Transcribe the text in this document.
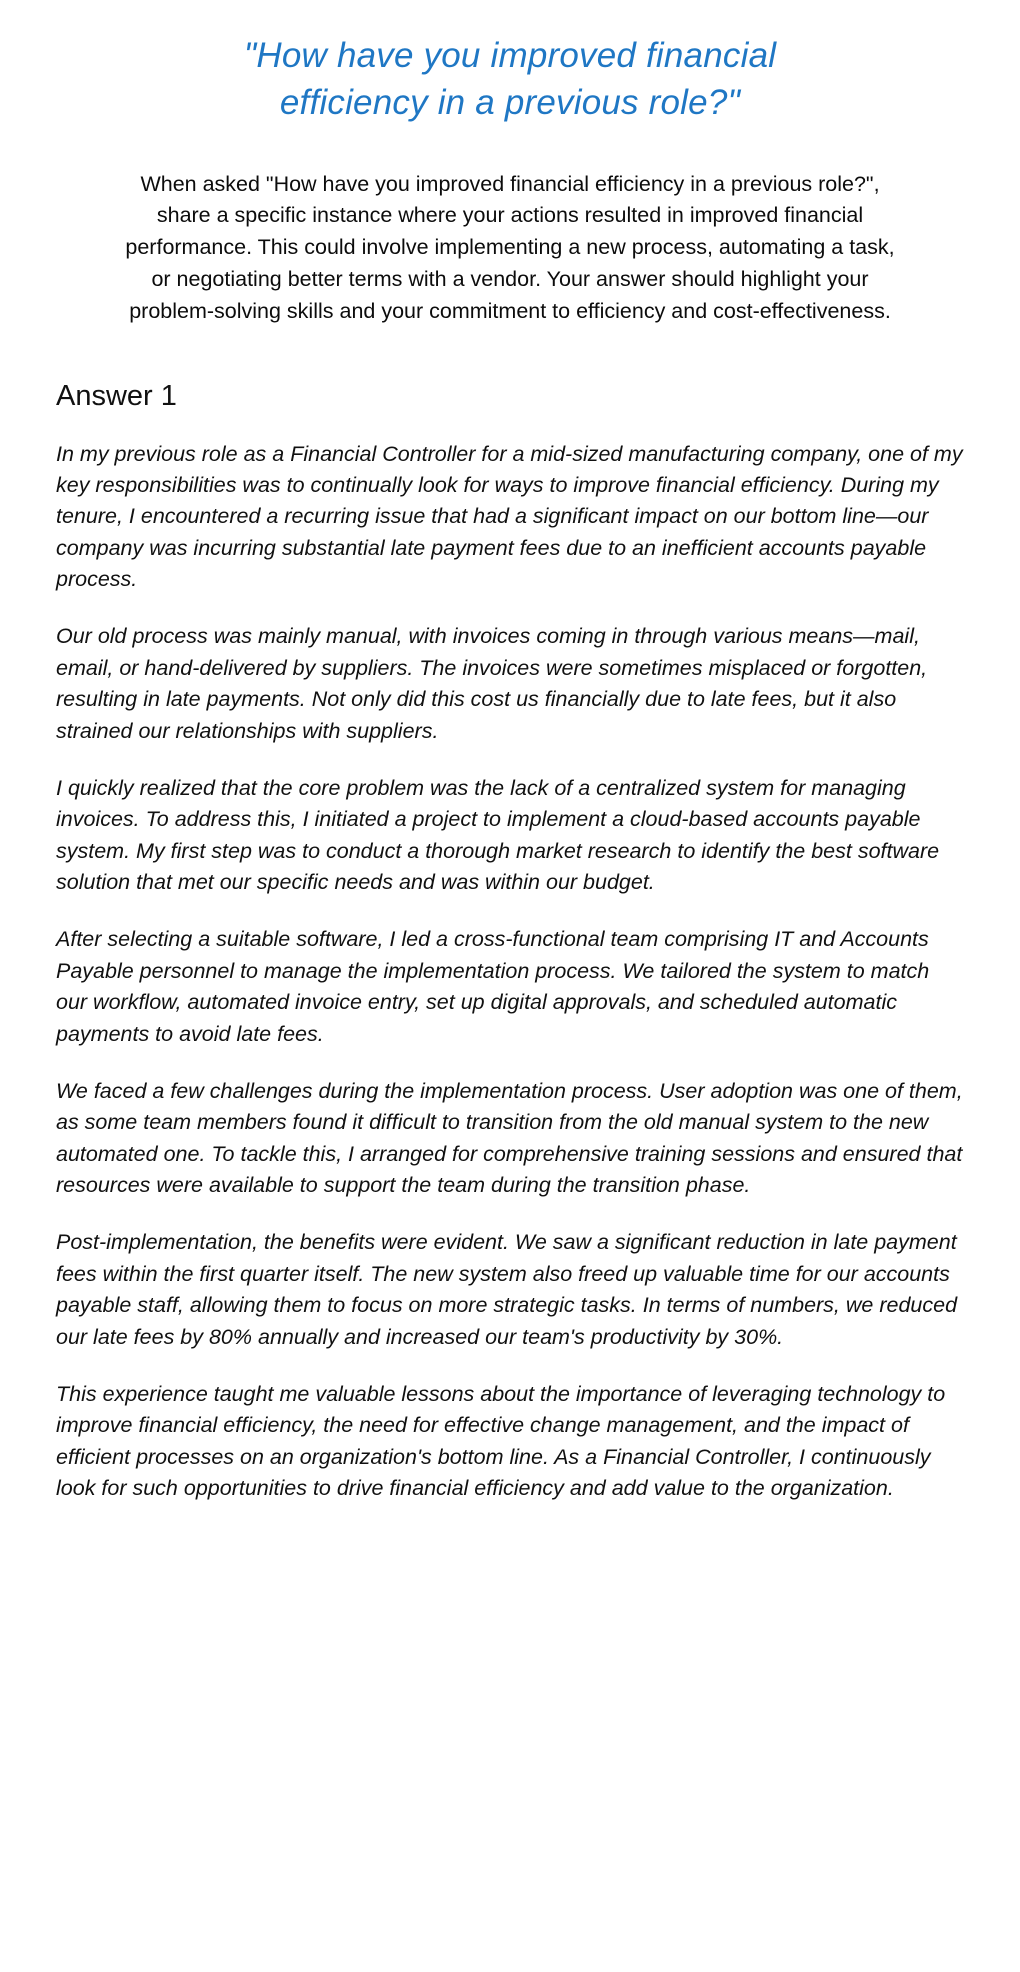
"How have you improved financial efficiency in a previous role?"

When asked "How have you improved financial efficiency in a previous role?", share a specific instance where your actions resulted in improved financial performance. This could involve implementing a new process, automating a task, or negotiating better terms with a vendor. Your answer should highlight your problem-solving skills and your commitment to efficiency and cost-effectiveness.

Answer 1

In my previous role as a Financial Controller for a mid-sized manufacturing company, one of my key responsibilities was to continually look for ways to improve financial efficiency. During my tenure, I encountered a recurring issue that had a significant impact on our bottom line—our company was incurring substantial late payment fees due to an inefficient accounts payable process.

Our old process was mainly manual, with invoices coming in through various means—mail, email, or hand-delivered by suppliers. The invoices were sometimes misplaced or forgotten, resulting in late payments. Not only did this cost us financially due to late fees, but it also strained our relationships with suppliers.

I quickly realized that the core problem was the lack of a centralized system for managing invoices. To address this, I initiated a project to implement a cloud-based accounts payable system. My first step was to conduct a thorough market research to identify the best software solution that met our specific needs and was within our budget.

After selecting a suitable software, I led a cross-functional team comprising IT and Accounts Payable personnel to manage the implementation process. We tailored the system to match our workflow, automated invoice entry, set up digital approvals, and scheduled automatic payments to avoid late fees.

We faced a few challenges during the implementation process. User adoption was one of them, as some team members found it difficult to transition from the old manual system to the new automated one. To tackle this, I arranged for comprehensive training sessions and ensured that resources were available to support the team during the transition phase.

Post-implementation, the benefits were evident. We saw a significant reduction in late payment fees within the first quarter itself. The new system also freed up valuable time for our accounts payable staff, allowing them to focus on more strategic tasks. In terms of numbers, we reduced our late fees by 80% annually and increased our team's productivity by 30%.

This experience taught me valuable lessons about the importance of leveraging technology to improve financial efficiency, the need for effective change management, and the impact of efficient processes on an organization's bottom line. As a Financial Controller, I continuously look for such opportunities to drive financial efficiency and add value to the organization.
